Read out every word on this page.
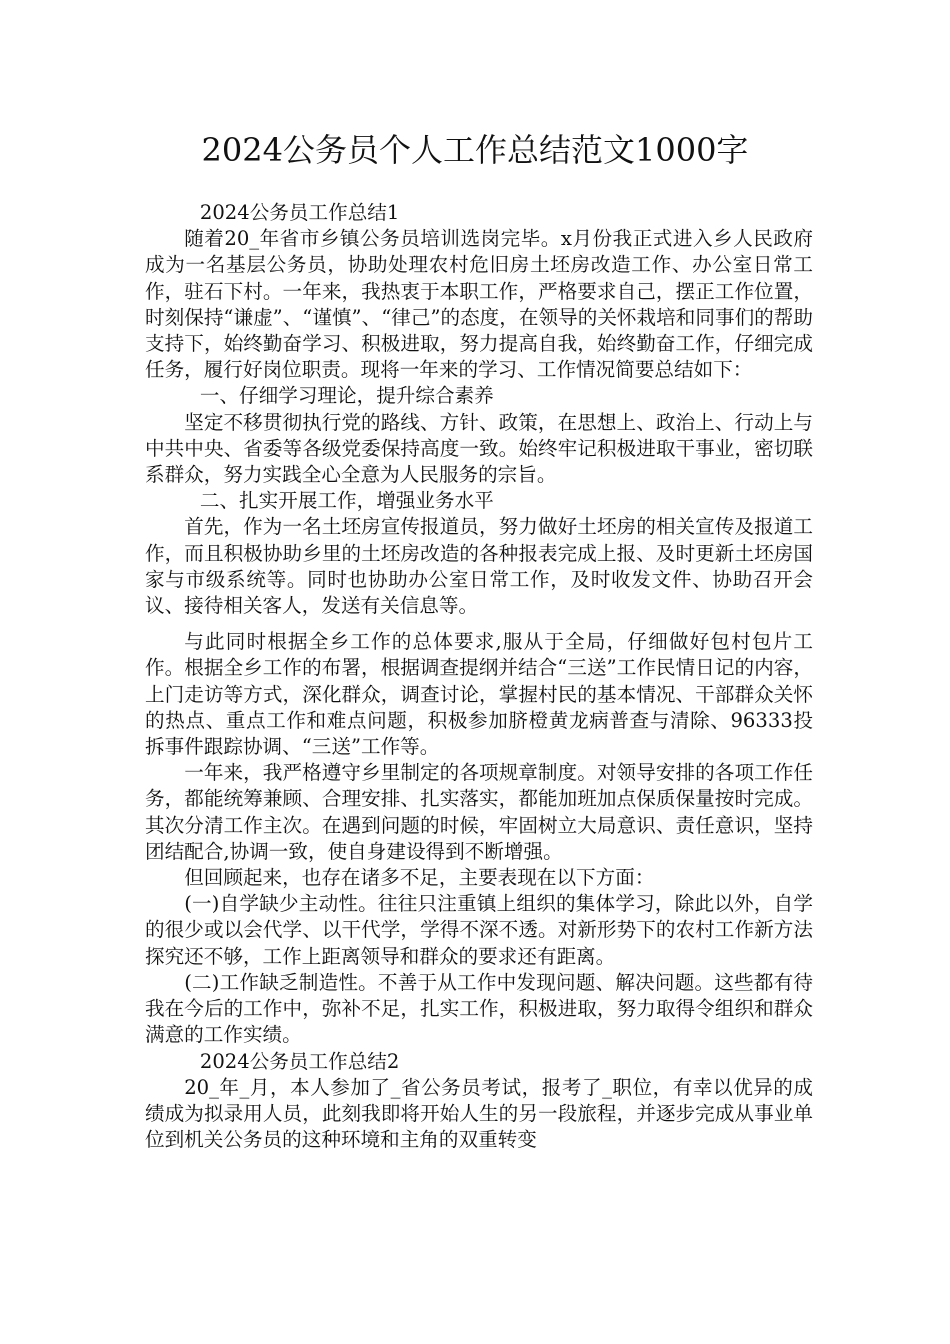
2024公务员个人工作总结范文1000字

2024公务员工作总结1

随着20_年省市乡镇公务员培训选岗完毕。x月份我正式进入乡人民政府成为一名基层公务员，协助处理农村危旧房土坯房改造工作、办公室日常工作，驻石下村。一年来，我热衷于本职工作，严格要求自己，摆正工作位置，时刻保持“谦虚”、“谨慎”、“律己”的态度，在领导的关怀栽培和同事们的帮助支持下，始终勤奋学习、积极进取，努力提高自我，始终勤奋工作，仔细完成任务，履行好岗位职责。现将一年来的学习、工作情况简要总结如下：

一、仔细学习理论，提升综合素养

坚定不移贯彻执行党的路线、方针、政策，在思想上、政治上、行动上与中共中央、省委等各级党委保持高度一致。始终牢记积极进取干事业，密切联系群众，努力实践全心全意为人民服务的宗旨。

二、扎实开展工作，增强业务水平

首先，作为一名土坯房宣传报道员，努力做好土坯房的相关宣传及报道工作，而且积极协助乡里的土坯房改造的各种报表完成上报、及时更新土坯房国家与市级系统等。同时也协助办公室日常工作，及时收发文件、协助召开会议、接待相关客人，发送有关信息等。

与此同时根据全乡工作的总体要求,服从于全局，仔细做好包村包片工作。根据全乡工作的布署，根据调查提纲并结合“三送”工作民情日记的内容，上门走访等方式，深化群众，调查讨论，掌握村民的基本情况、干部群众关怀的热点、重点工作和难点问题，积极参加脐橙黄龙病普查与清除、96333投拆事件跟踪协调、“三送”工作等。

一年来，我严格遵守乡里制定的各项规章制度。对领导安排的各项工作任务，都能统筹兼顾、合理安排、扎实落实，都能加班加点保质保量按时完成。其次分清工作主次。在遇到问题的时候，牢固树立大局意识、责任意识，坚持团结配合,协调一致，使自身建设得到不断增强。

但回顾起来，也存在诸多不足，主要表现在以下方面：

(一)自学缺少主动性。往往只注重镇上组织的集体学习，除此以外，自学的很少或以会代学、以干代学，学得不深不透。对新形势下的农村工作新方法探究还不够，工作上距离领导和群众的要求还有距离。

(二)工作缺乏制造性。不善于从工作中发现问题、解决问题。这些都有待我在今后的工作中，弥补不足，扎实工作，积极进取，努力取得令组织和群众满意的工作实绩。

2024公务员工作总结2

20_年_月，本人参加了_省公务员考试，报考了_职位，有幸以优异的成绩成为拟录用人员，此刻我即将开始人生的另一段旅程，并逐步完成从事业单位到机关公务员的这种环境和主角的双重转变
